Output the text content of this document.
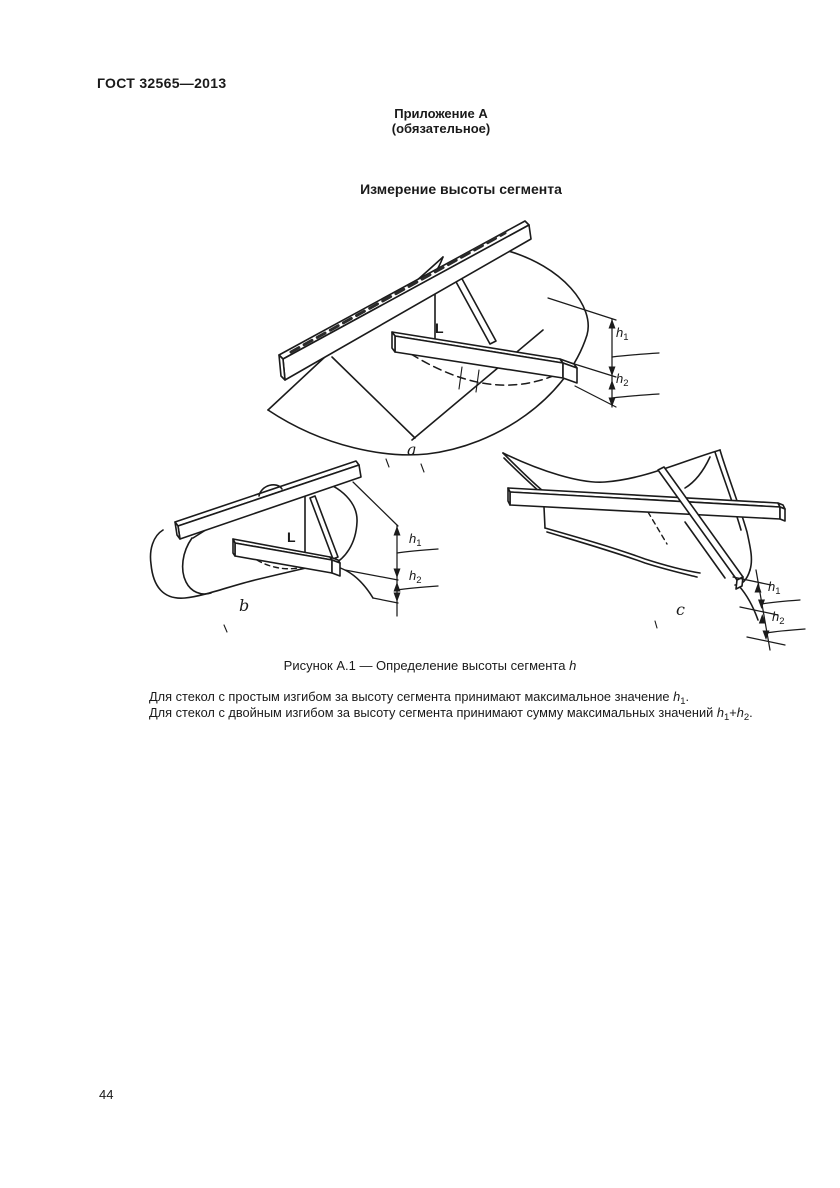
ГОСТ 32565—2013
Приложение А
(обязательное)
Измерение высоты сегмента
L	$h_1$
$h_2$
a
L	$h_1$
$h_2$
b
$h_1$
$h_2$
c
Рисунок А.1 — Определение высоты сегмента h
Для стекол с простым изгибом за высоту сегмента принимают максимальное значение $h_1$.
Для стекол с двойным изгибом за высоту сегмента принимают сумму максимальных значений $h_1+h_2$.
44
